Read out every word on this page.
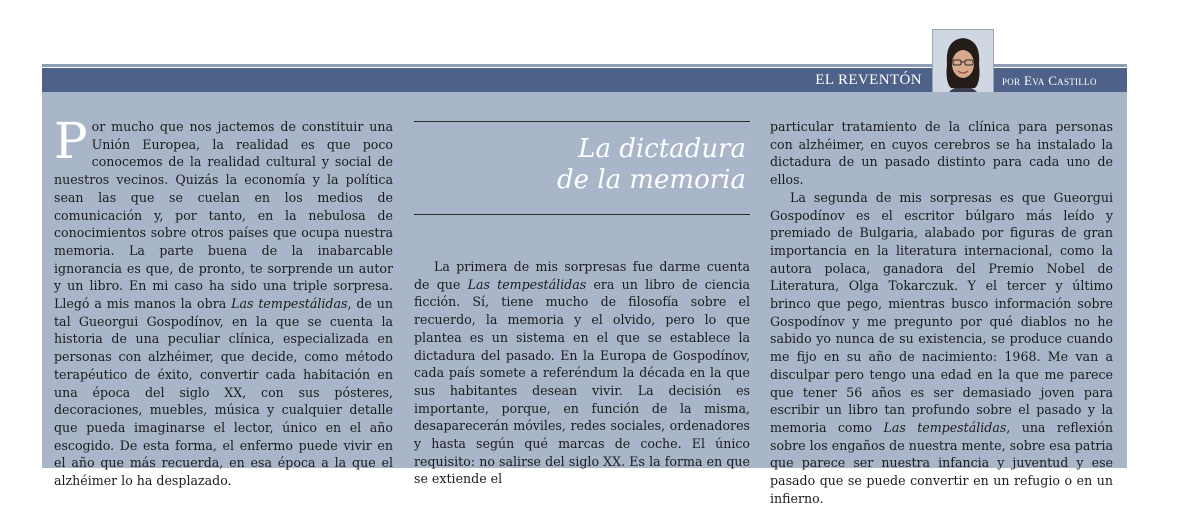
EL REVENTÓN	por Eva Castillo

Por mucho que nos jactemos de constituir una Unión Europea, la realidad es que poco conocemos de la realidad cultural y social de nuestros vecinos. Quizás la economía y la política sean las que se cuelan en los medios de comunicación y, por tanto, en la nebulosa de conocimientos sobre otros países que ocupa nuestra memoria. La parte buena de la inabarcable ignorancia es que, de pronto, te sorprende un autor y un libro. En mi caso ha sido una triple sorpresa. Llegó a mis manos la obra Las tempestálidas, de un tal Gueorgui Gospodínov, en la que se cuenta la historia de una peculiar clínica, especializada en personas con alzhéimer, que decide, como método terapéutico de éxito, convertir cada habitación en una época del siglo XX, con sus pósteres, decoraciones, muebles, música y cualquier detalle que pueda imaginarse el lector, único en el año escogido. De esta forma, el enfermo puede vivir en el año que más recuerda, en esa época a la que el alzhéimer lo ha desplazado.

La dictadura
de la memoria

La primera de mis sorpresas fue darme cuenta de que Las tempestálidas era un libro de ciencia ficción. Sí, tiene mucho de filosofía sobre el recuerdo, la memoria y el olvido, pero lo que plantea es un sistema en el que se establece la dictadura del pasado. En la Europa de Gospodínov, cada país somete a referéndum la década en la que sus habitantes desean vivir. La decisión es importante, porque, en función de la misma, desaparecerán móviles, redes sociales, ordenadores y hasta según qué marcas de coche. El único requisito: no salirse del siglo XX. Es la forma en que se extiende el

particular tratamiento de la clínica para personas con alzhéimer, en cuyos cerebros se ha instalado la dictadura de un pasado distinto para cada uno de ellos.

La segunda de mis sorpresas es que Gueorgui Gospodínov es el escritor búlgaro más leído y premiado de Bulgaria, alabado por figuras de gran importancia en la literatura internacional, como la autora polaca, ganadora del Premio Nobel de Literatura, Olga Tokarczuk. Y el tercer y último brinco que pego, mientras busco información sobre Gospodínov y me pregunto por qué diablos no he sabido yo nunca de su existencia, se produce cuando me fijo en su año de nacimiento: 1968. Me van a disculpar pero tengo una edad en la que me parece que tener 56 años es ser demasiado joven para escribir un libro tan profundo sobre el pasado y la memoria como Las tempestálidas, una reflexión sobre los engaños de nuestra mente, sobre esa patria que parece ser nuestra infancia y juventud y ese pasado que se puede convertir en un refugio o en un infierno.
